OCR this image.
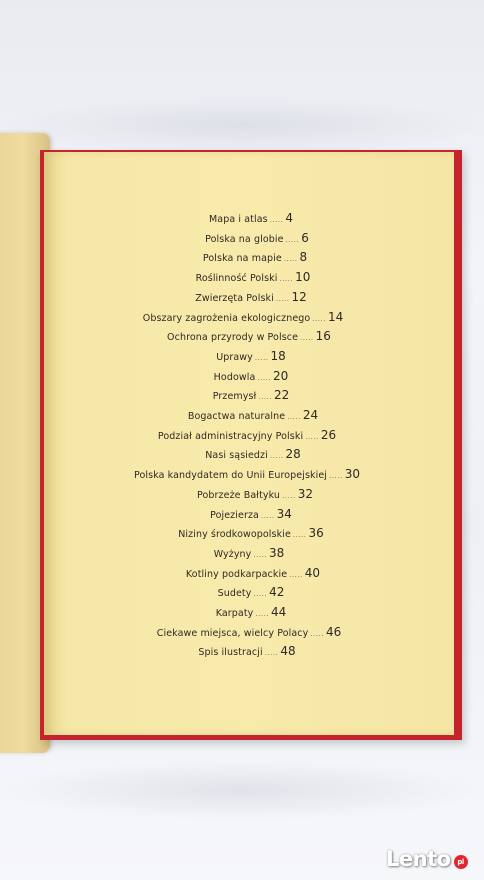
Mapa i atlas ..... 4
Polska na globie ..... 6
Polska na mapie ..... 8
Roślinność Polski ..... 10
Zwierzęta Polski ..... 12
Obszary zagrożenia ekologicznego ..... 14
Ochrona przyrody w Polsce ..... 16
Uprawy ..... 18
Hodowla ..... 20
Przemysł ..... 22
Bogactwa naturalne ..... 24
Podział administracyjny Polski ..... 26
Nasi sąsiedzi ..... 28
Polska kandydatem do Unii Europejskiej ..... 30
Pobrzeże Bałtyku ..... 32
Pojezierza ..... 34
Niziny środkowopolskie ..... 36
Wyżyny ..... 38
Kotliny podkarpackie ..... 40
Sudety ..... 42
Karpaty ..... 44
Ciekawe miejsca, wielcy Polacy ..... 46
Spis ilustracji ..... 48
Lento pl
